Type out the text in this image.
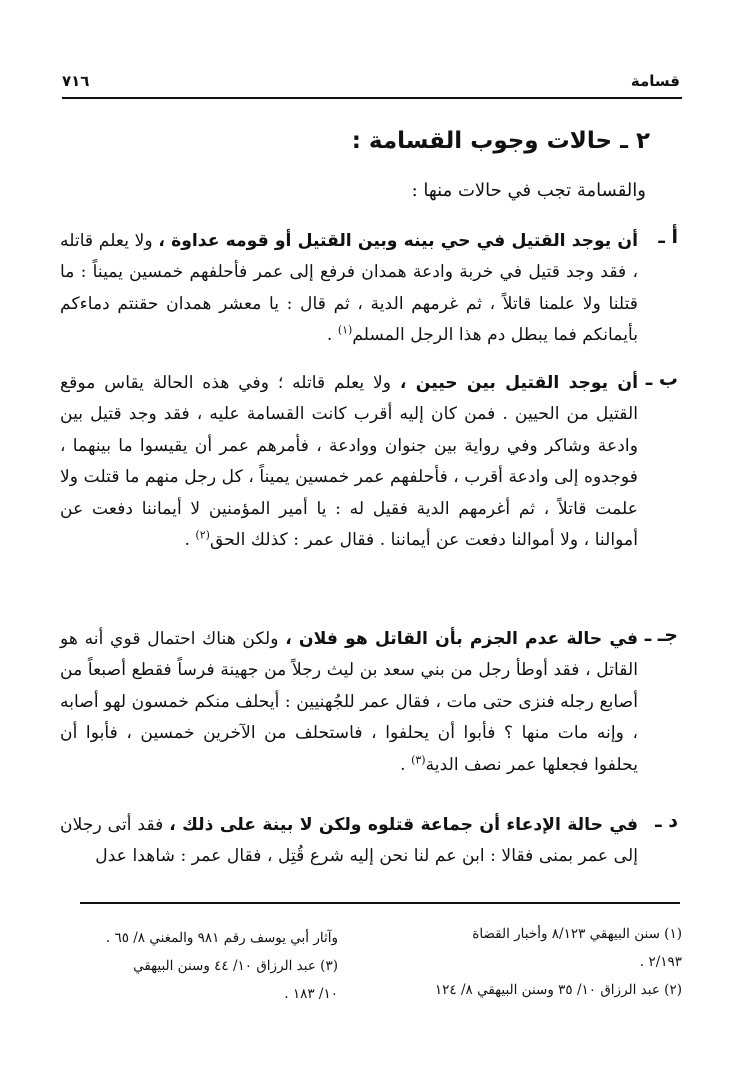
قسامة
٧١٦
٢ ـ حالات وجوب القسامة :
والقسامة تجب في حالات منها :
أ ـ
أن يوجد القتيل في حي بينه وبين القتيل أو قومه عداوة ، ولا يعلم قاتله ، فقد وجد قتيل في خربة وادعة همدان فرفع إلى عمر فأحلفهم خمسين يميناً : ما قتلنا ولا علمنا قاتلاً ، ثم غرمهم الدية ، ثم قال : يا معشر همدان حقنتم دماءكم بأيمانكم فما يبطل دم هذا الرجل المسلم$^{(١)}$ .
ب ـ
أن يوجد القتيل بين حيين ، ولا يعلم قاتله ؛ وفي هذه الحالة يقاس موقع القتيل من الحيين . فمن كان إليه أقرب كانت القسامة عليه ، فقد وجد قتيل بين وادعة وشاكر وفي رواية بين جنوان ووادعة ، فأمرهم عمر أن يقيسوا ما بينهما ، فوجدوه إلى وادعة أقرب ، فأحلفهم عمر خمسين يميناً ، كل رجل منهم ما قتلت ولا علمت قاتلاً ، ثم أغرمهم الدية فقيل له : يا أمير المؤمنين لا أيماننا دفعت عن أموالنا ، ولا أموالنا دفعت عن أيماننا . فقال عمر : كذلك الحق$^{(٢)}$ .
جـ ـ
في حالة عدم الجزم بأن القاتل هو فلان ، ولكن هناك احتمال قوي أنه هو القاتل ، فقد أوطأ رجل من بني سعد بن ليث رجلاً من جهينة فرساً فقطع أصبعاً من أصابع رجله فنزى حتى مات ، فقال عمر للجُهنيين : أيحلف منكم خمسون لهو أصابه ، وإنه مات منها ؟ فأبوا أن يحلفوا ، فاستحلف من الآخرين خمسين ، فأبوا أن يحلفوا فجعلها عمر نصف الدية$^{(٣)}$ .
د ـ
في حالة الإدعاء أن جماعة قتلوه ولكن لا بينة على ذلك ، فقد أتى رجلان إلى عمر بمنى فقالا : ابن عم لنا نحن إليه شرع قُتِل ، فقال عمر : شاهدا عدل
(١) سنن البيهقي ٨/١٢٣ وأخبار القضاة
٢/١٩٣ .
(٢) عبد الرزاق ١٠/ ٣٥ وسنن البيهقي ٨/ ١٢٤
وآثار أبي يوسف رقم ٩٨١ والمغني ٨/ ٦٥ .
(٣) عبد الرزاق ١٠/ ٤٤ وسنن البيهقي
١٠/ ١٨٣ .
